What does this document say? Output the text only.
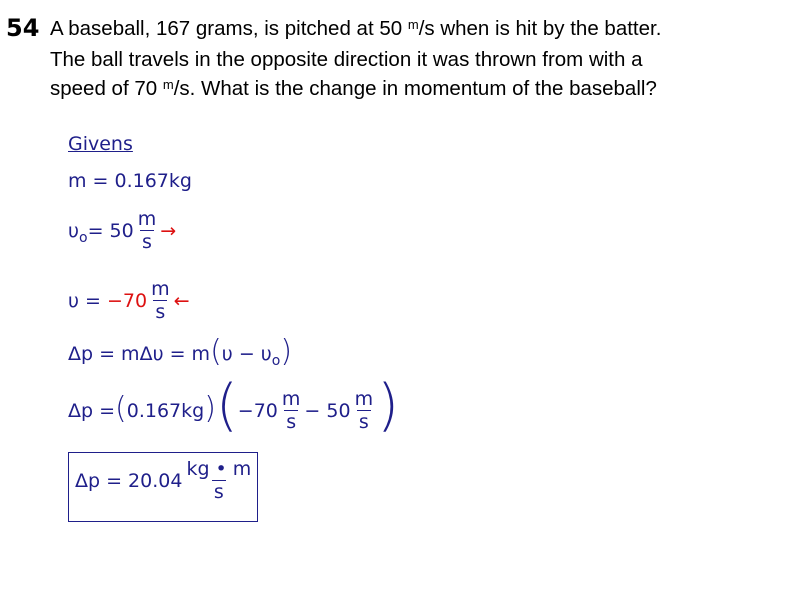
54 A baseball, 167 grams, is pitched at 50 $^m$/s when is hit by the batter.
The ball travels in the opposite direction it was thrown from with a
speed of 70 $^m$/s. What is the change in momentum of the baseball?
Givens
m = 0.167kg
υ $o = 50 \frac{m}{s}$ →
υ =
$-70 \frac{m}{s}$ ←
Δp = mΔυ = m ( υ − υ o )
Δp = ( 0.167kg ) ( $-70 \frac{m}{s} - 50 \frac{m}{s}$ )
$\Delta p = 20.04 \frac{kg • m}{s}$
